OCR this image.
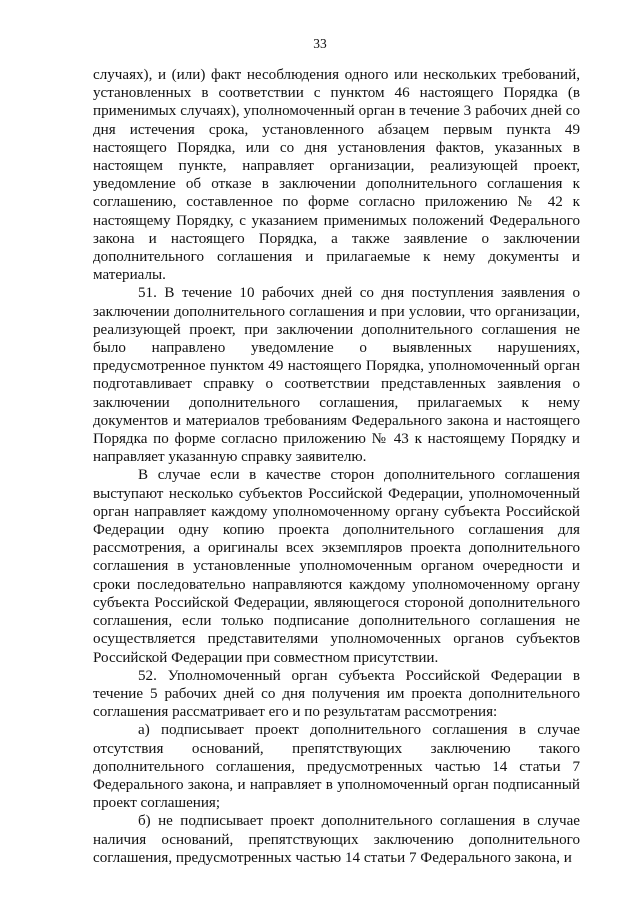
33

случаях), и (или) факт несоблюдения одного или нескольких требований, установленных в соответствии с пунктом 46 настоящего Порядка (в применимых случаях), уполномоченный орган в течение 3 рабочих дней со дня истечения срока, установленного абзацем первым пункта 49 настоящего Порядка, или со дня установления фактов, указанных в настоящем пункте, направляет организации, реализующей проект, уведомление об отказе в заключении дополнительного соглашения к соглашению, составленное по форме согласно приложению № 42 к настоящему Порядку, с указанием применимых положений Федерального закона и настоящего Порядка, а также заявление о заключении дополнительного соглашения и прилагаемые к нему документы и материалы.

51. В течение 10 рабочих дней со дня поступления заявления о заключении дополнительного соглашения и при условии, что организации, реализующей проект, при заключении дополнительного соглашения не было направлено уведомление о выявленных нарушениях, предусмотренное пунктом 49 настоящего Порядка, уполномоченный орган подготавливает справку о соответствии представленных заявления о заключении дополнительного соглашения, прилагаемых к нему документов и материалов требованиям Федерального закона и настоящего Порядка по форме согласно приложению № 43 к настоящему Порядку и направляет указанную справку заявителю.

В случае если в качестве сторон дополнительного соглашения выступают несколько субъектов Российской Федерации, уполномоченный орган направляет каждому уполномоченному органу субъекта Российской Федерации одну копию проекта дополнительного соглашения для рассмотрения, а оригиналы всех экземпляров проекта дополнительного соглашения в установленные уполномоченным органом очередности и сроки последовательно направляются каждому уполномоченному органу субъекта Российской Федерации, являющегося стороной дополнительного соглашения, если только подписание дополнительного соглашения не осуществляется представителями уполномоченных органов субъектов Российской Федерации при совместном присутствии.

52. Уполномоченный орган субъекта Российской Федерации в течение 5 рабочих дней со дня получения им проекта дополнительного соглашения рассматривает его и по результатам рассмотрения:

а) подписывает проект дополнительного соглашения в случае отсутствия оснований, препятствующих заключению такого дополнительного соглашения, предусмотренных частью 14 статьи 7 Федерального закона, и направляет в уполномоченный орган подписанный проект соглашения;

б) не подписывает проект дополнительного соглашения в случае наличия оснований, препятствующих заключению дополнительного соглашения, предусмотренных частью 14 статьи 7 Федерального закона, и
